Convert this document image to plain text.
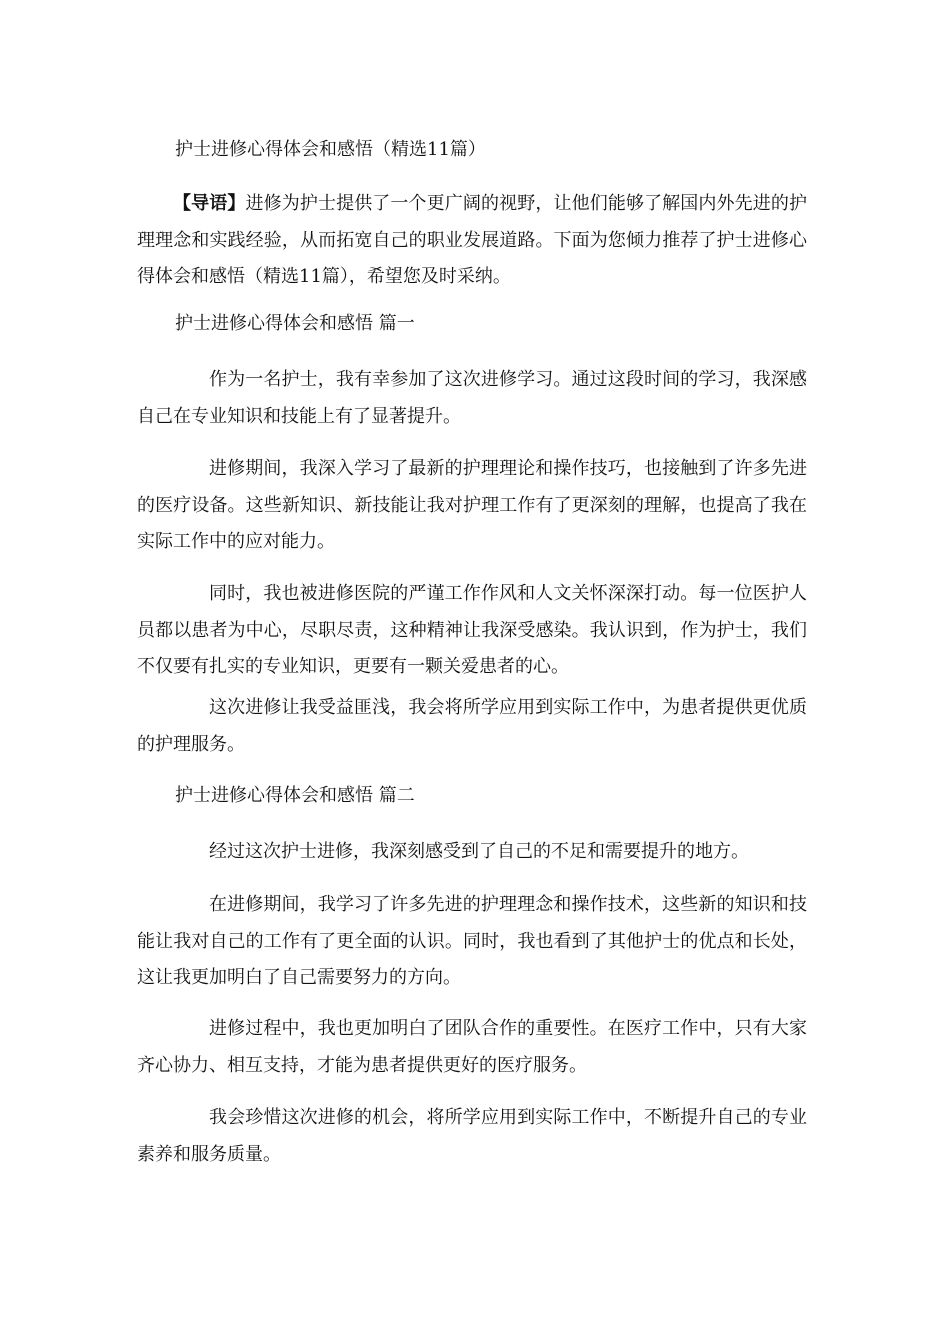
护士进修心得体会和感悟（精选11篇）

【导语】进修为护士提供了一个更广阔的视野，让他们能够了解国内外先进的护理理念和实践经验，从而拓宽自己的职业发展道路。下面为您倾力推荐了护士进修心得体会和感悟（精选11篇），希望您及时采纳。

护士进修心得体会和感悟 篇一

作为一名护士，我有幸参加了这次进修学习。通过这段时间的学习，我深感自己在专业知识和技能上有了显著提升。

进修期间，我深入学习了最新的护理理论和操作技巧，也接触到了许多先进的医疗设备。这些新知识、新技能让我对护理工作有了更深刻的理解，也提高了我在实际工作中的应对能力。

同时，我也被进修医院的严谨工作作风和人文关怀深深打动。每一位医护人员都以患者为中心，尽职尽责，这种精神让我深受感染。我认识到，作为护士，我们不仅要有扎实的专业知识，更要有一颗关爱患者的心。

这次进修让我受益匪浅，我会将所学应用到实际工作中，为患者提供更优质的护理服务。

护士进修心得体会和感悟 篇二

经过这次护士进修，我深刻感受到了自己的不足和需要提升的地方。

在进修期间，我学习了许多先进的护理理念和操作技术，这些新的知识和技能让我对自己的工作有了更全面的认识。同时，我也看到了其他护士的优点和长处，这让我更加明白了自己需要努力的方向。

进修过程中，我也更加明白了团队合作的重要性。在医疗工作中，只有大家齐心协力、相互支持，才能为患者提供更好的医疗服务。

我会珍惜这次进修的机会，将所学应用到实际工作中，不断提升自己的专业素养和服务质量。
